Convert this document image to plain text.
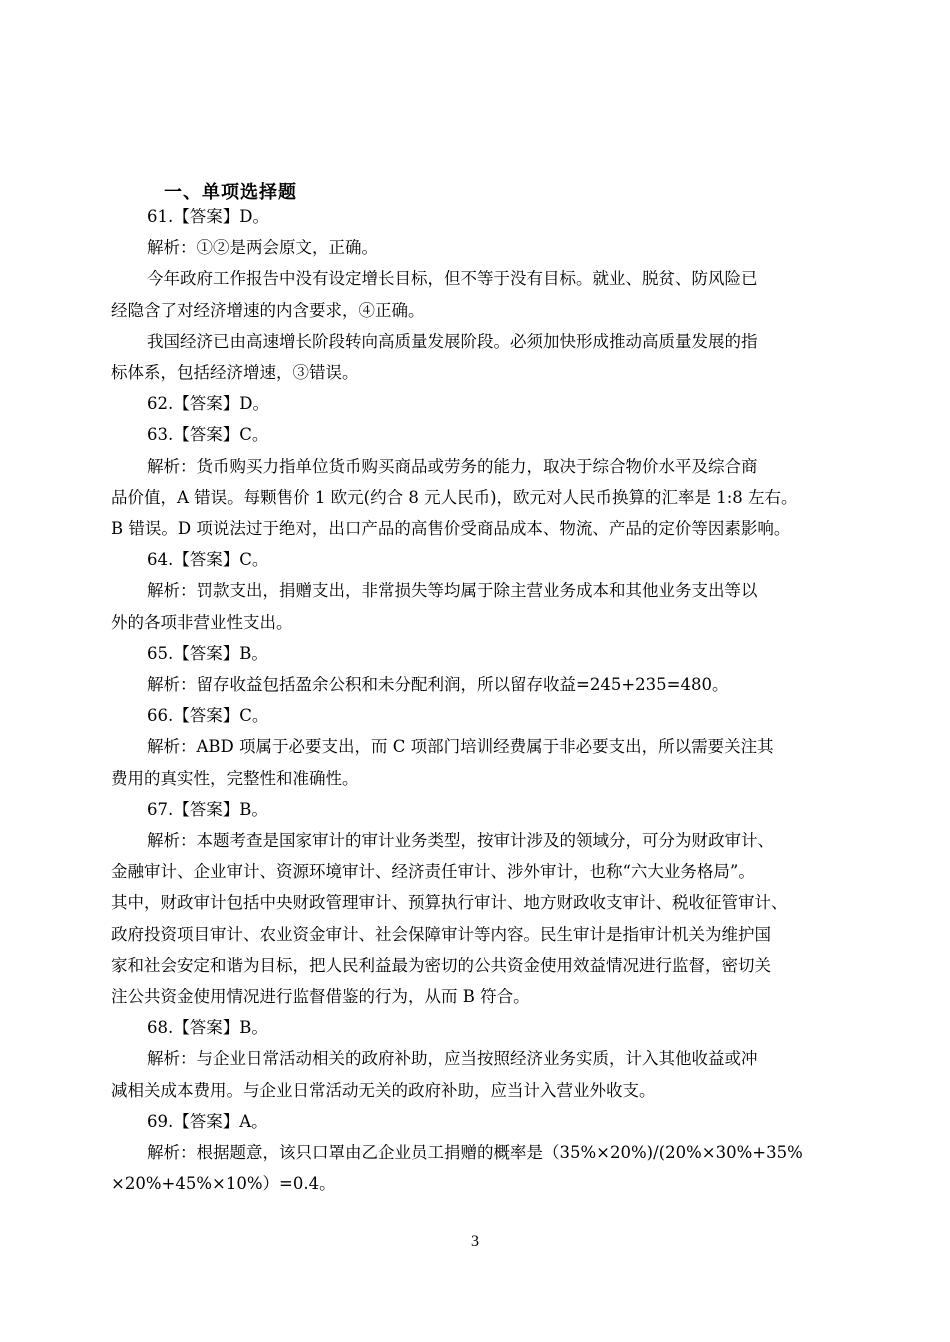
一、单项选择题
61.【答案】D。
解析：①②是两会原文，正确。
今年政府工作报告中没有设定增长目标，但不等于没有目标。就业、脱贫、防风险已
经隐含了对经济增速的内含要求，④正确。
我国经济已由高速增长阶段转向高质量发展阶段。必须加快形成推动高质量发展的指
标体系，包括经济增速，③错误。
62.【答案】D。
63.【答案】C。
解析：货币购买力指单位货币购买商品或劳务的能力，取决于综合物价水平及综合商
品价值，A 错误。每颗售价 1 欧元(约合 8 元人民币)，欧元对人民币换算的汇率是 1:8 左右。
B 错误。D 项说法过于绝对，出口产品的高售价受商品成本、物流、产品的定价等因素影响。
64.【答案】C。
解析：罚款支出，捐赠支出，非常损失等均属于除主营业务成本和其他业务支出等以
外的各项非营业性支出。
65.【答案】B。
解析：留存收益包括盈余公积和未分配利润，所以留存收益=245+235=480。
66.【答案】C。
解析：ABD 项属于必要支出，而 C 项部门培训经费属于非必要支出，所以需要关注其
费用的真实性，完整性和准确性。
67.【答案】B。
解析：本题考查是国家审计的审计业务类型，按审计涉及的领域分，可分为财政审计、
金融审计、企业审计、资源环境审计、经济责任审计、涉外审计，也称“六大业务格局”。
其中，财政审计包括中央财政管理审计、预算执行审计、地方财政收支审计、税收征管审计、
政府投资项目审计、农业资金审计、社会保障审计等内容。民生审计是指审计机关为维护国
家和社会安定和谐为目标，把人民利益最为密切的公共资金使用效益情况进行监督，密切关
注公共资金使用情况进行监督借鉴的行为，从而 B 符合。
68.【答案】B。
解析：与企业日常活动相关的政府补助，应当按照经济业务实质，计入其他收益或冲
减相关成本费用。与企业日常活动无关的政府补助，应当计入营业外收支。
69.【答案】A。
解析：根据题意，该只口罩由乙企业员工捐赠的概率是（35%×20%)/(20%×30%+35%
×20%+45%×10%）=0.4。
3
